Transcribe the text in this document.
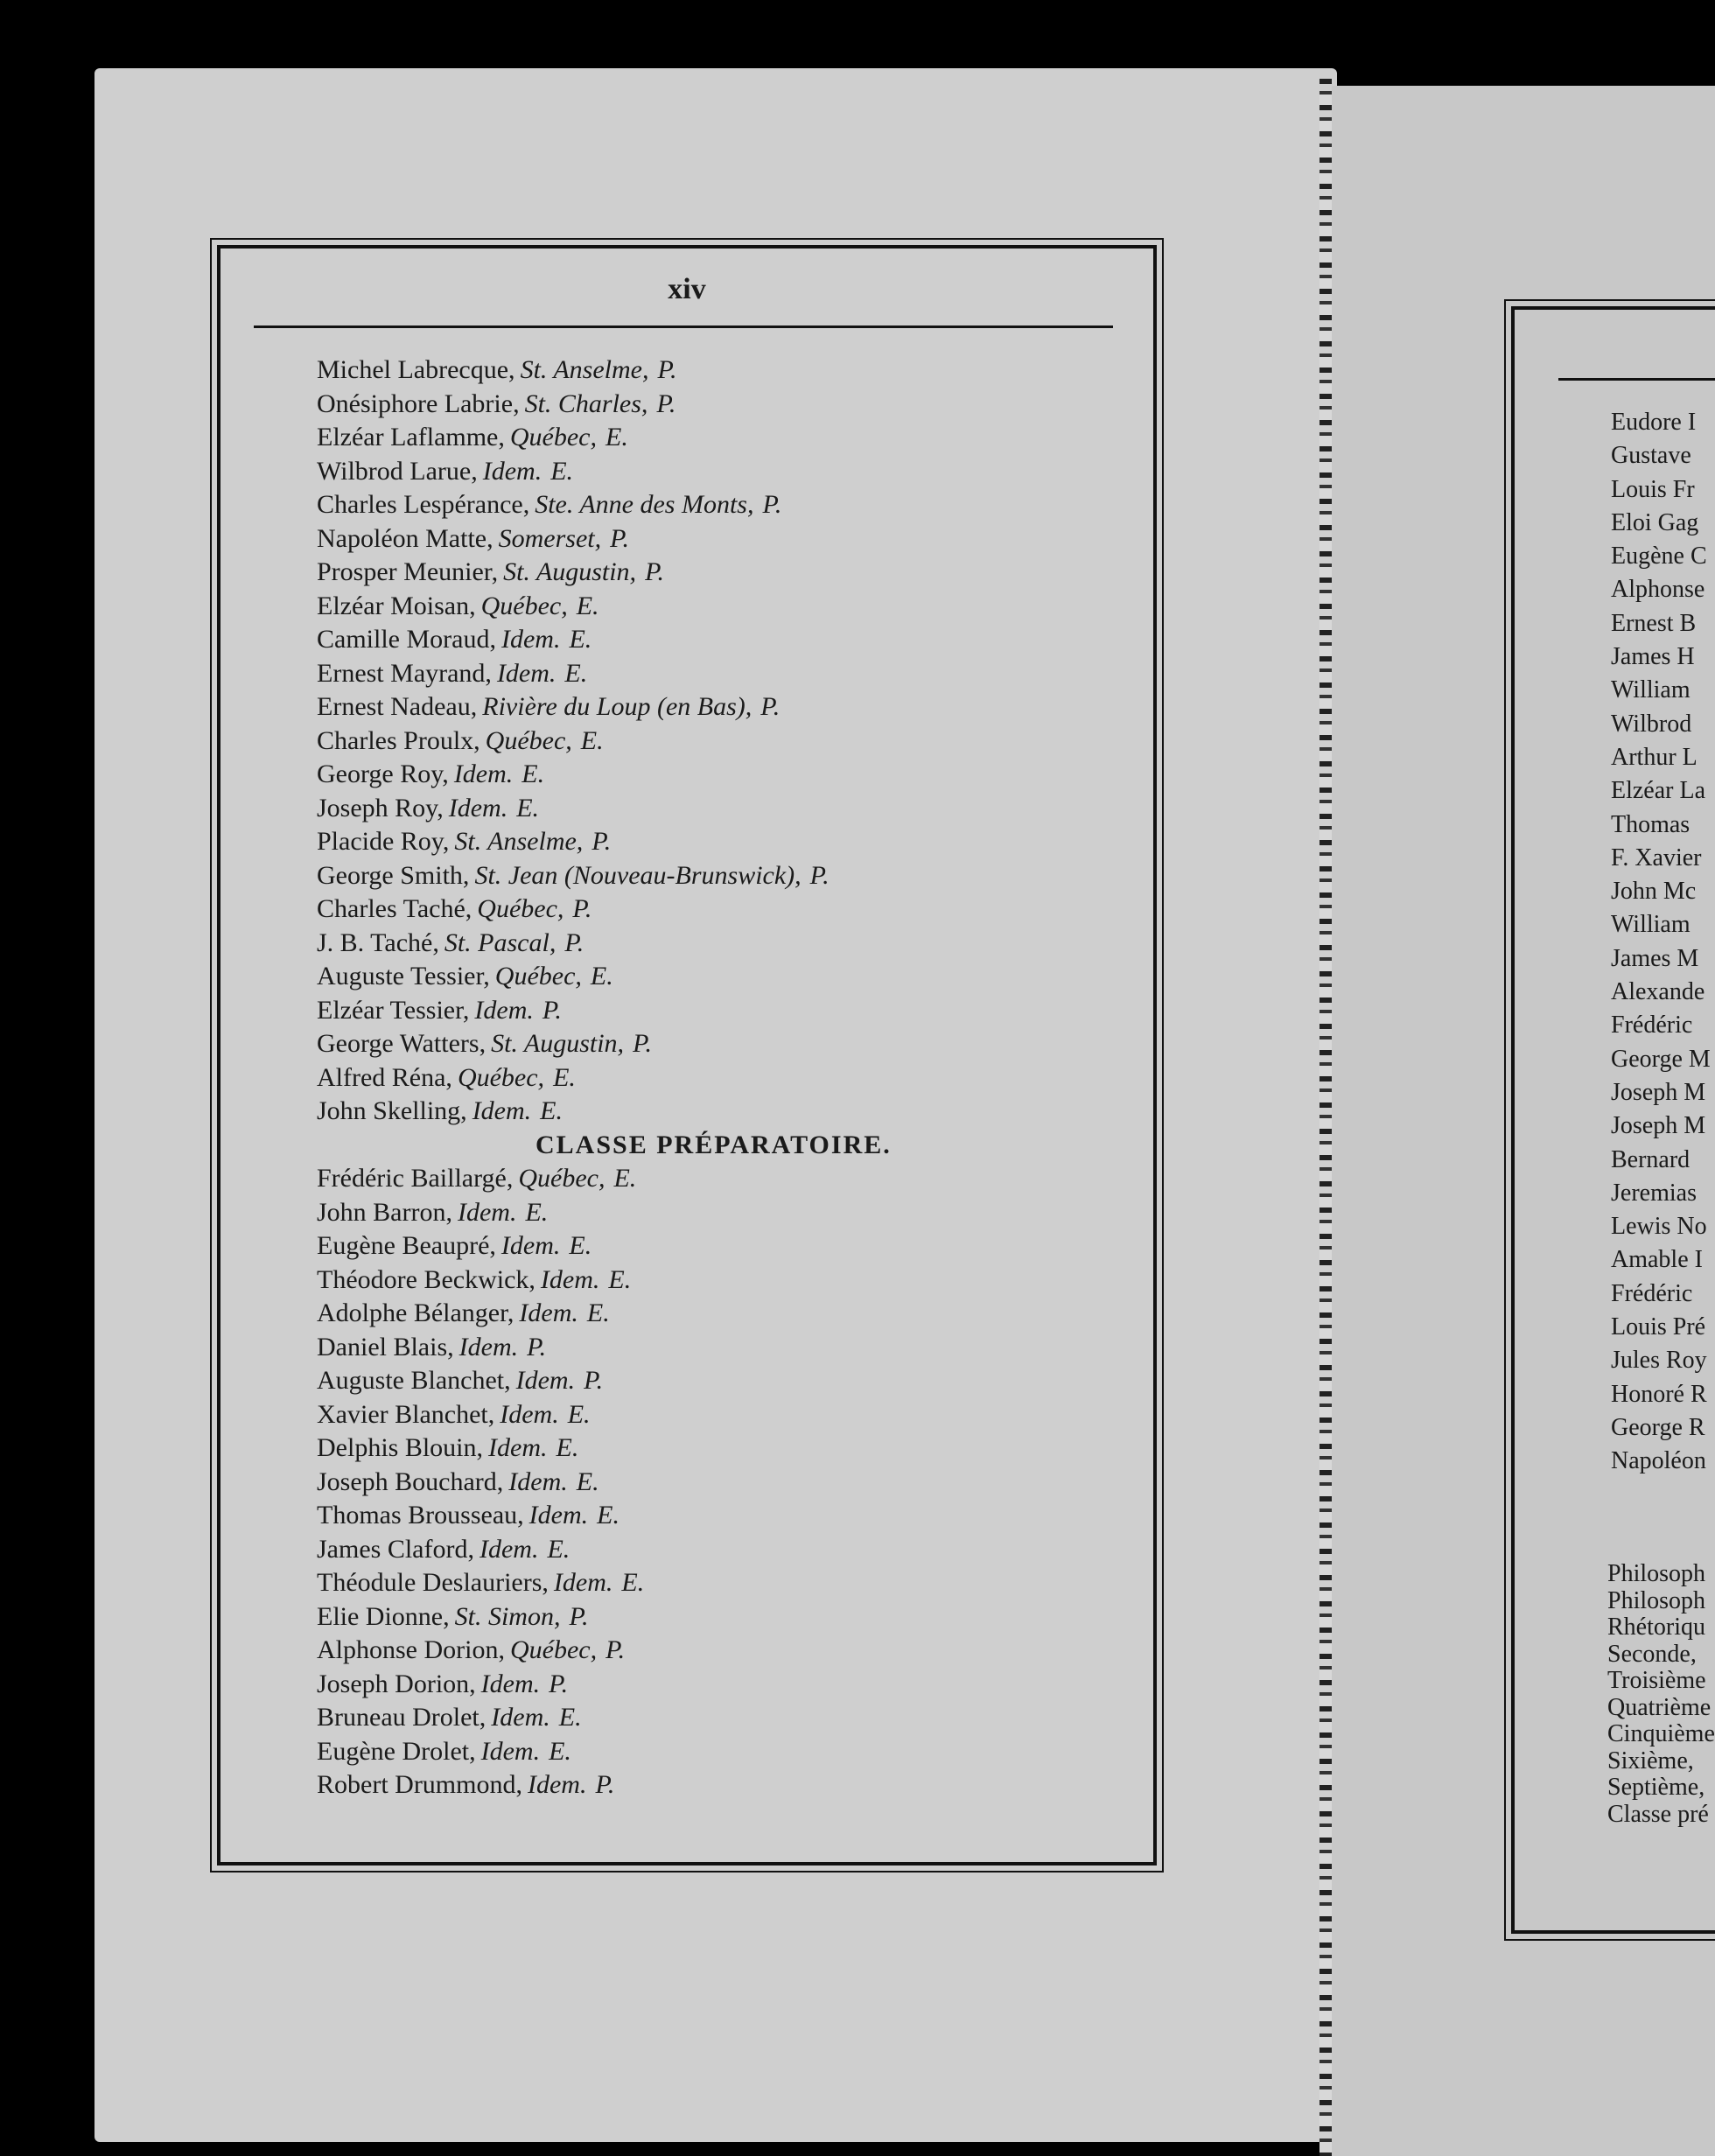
xiv
Michel Labrecque, St. Anselme, P.
Onésiphore Labrie, St. Charles, P.
Elzéar Laflamme, Québec, E.
Wilbrod Larue, Idem. E.
Charles Lespérance, Ste. Anne des Monts, P.
Napoléon Matte, Somerset, P.
Prosper Meunier, St. Augustin, P.
Elzéar Moisan, Québec, E.
Camille Moraud, Idem. E.
Ernest Mayrand, Idem. E.
Ernest Nadeau, Rivière du Loup (en Bas), P.
Charles Proulx, Québec, E.
George Roy, Idem. E.
Joseph Roy, Idem. E.
Placide Roy, St. Anselme, P.
George Smith, St. Jean (Nouveau-Brunswick), P.
Charles Taché, Québec, P.
J. B. Taché, St. Pascal, P.
Auguste Tessier, Québec, E.
Elzéar Tessier, Idem. P.
George Watters, St. Augustin, P.
Alfred Réna, Québec, E.
John Skelling, Idem. E.
CLASSE PRÉPARATOIRE.
Frédéric Baillargé, Québec, E.
John Barron, Idem. E.
Eugène Beaupré, Idem. E.
Théodore Beckwick, Idem. E.
Adolphe Bélanger, Idem. E.
Daniel Blais, Idem. P.
Auguste Blanchet, Idem. P.
Xavier Blanchet, Idem. E.
Delphis Blouin, Idem. E.
Joseph Bouchard, Idem. E.
Thomas Brousseau, Idem. E.
James Claford, Idem. E.
Théodule Deslauriers, Idem. E.
Elie Dionne, St. Simon, P.
Alphonse Dorion, Québec, P.
Joseph Dorion, Idem. P.
Bruneau Drolet, Idem. E.
Eugène Drolet, Idem. E.
Robert Drummond, Idem. P.
Eudore I
Gustave
Louis Fr
Eloi Gag
Eugène C
Alphonse
Ernest B
James H
William
Wilbrod
Arthur L
Elzéar La
Thomas
F. Xavier
John Mc
William
James M
Alexande
Frédéric
George M
Joseph M
Joseph M
Bernard
Jeremias
Lewis No
Amable I
Frédéric
Louis Pré
Jules Roy
Honoré R
George R
Napoléon
Philosoph
Philosoph
Rhétoriqu
Seconde,
Troisième
Quatrième
Cinquième
Sixième,
Septième,
Classe pré
